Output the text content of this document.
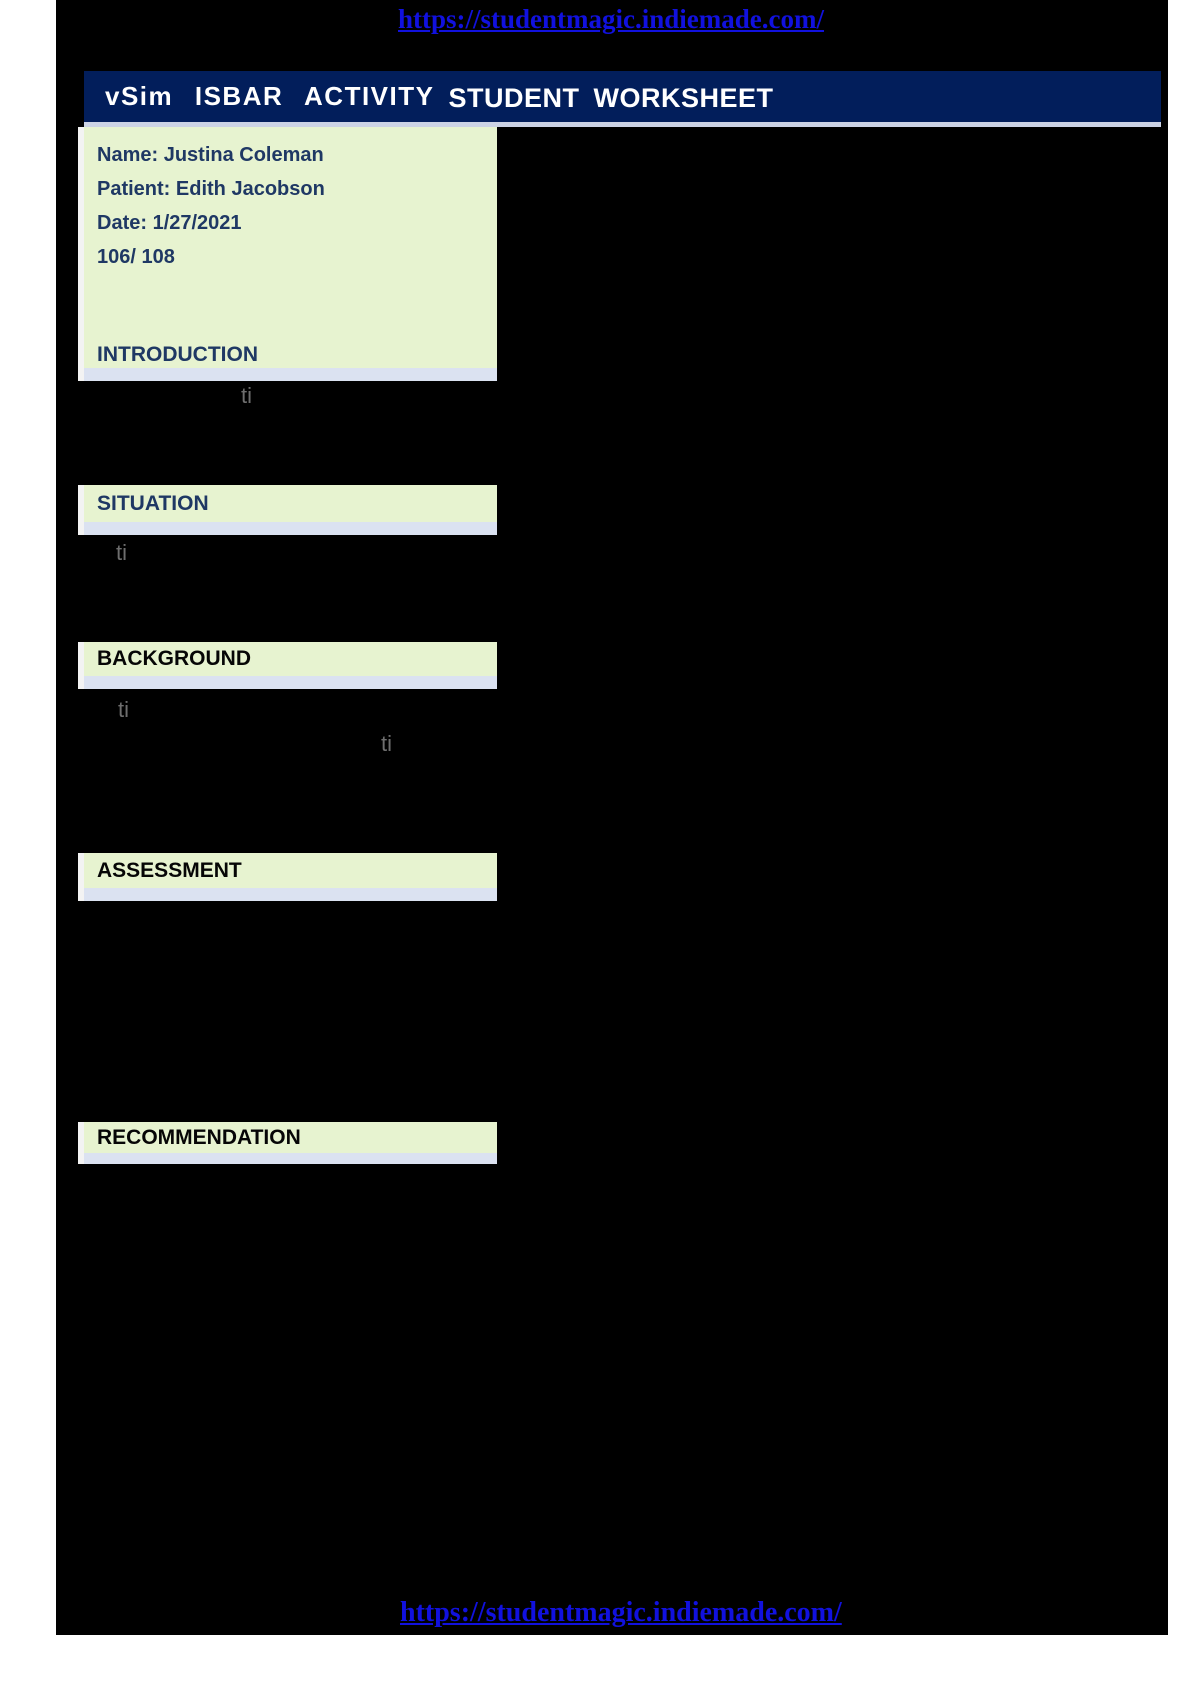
https://studentmagic.indiemade.com/
vSim ISBAR ACTIVITY STUDENT WORKSHEET
Name: Justina Coleman
Patient: Edith Jacobson
Date: 1/27/2021
106/ 108
INTRODUCTION
ti
SITUATION
ti
BACKGROUND
ti
ti
ASSESSMENT
RECOMMENDATION
https://studentmagic.indiemade.com/
